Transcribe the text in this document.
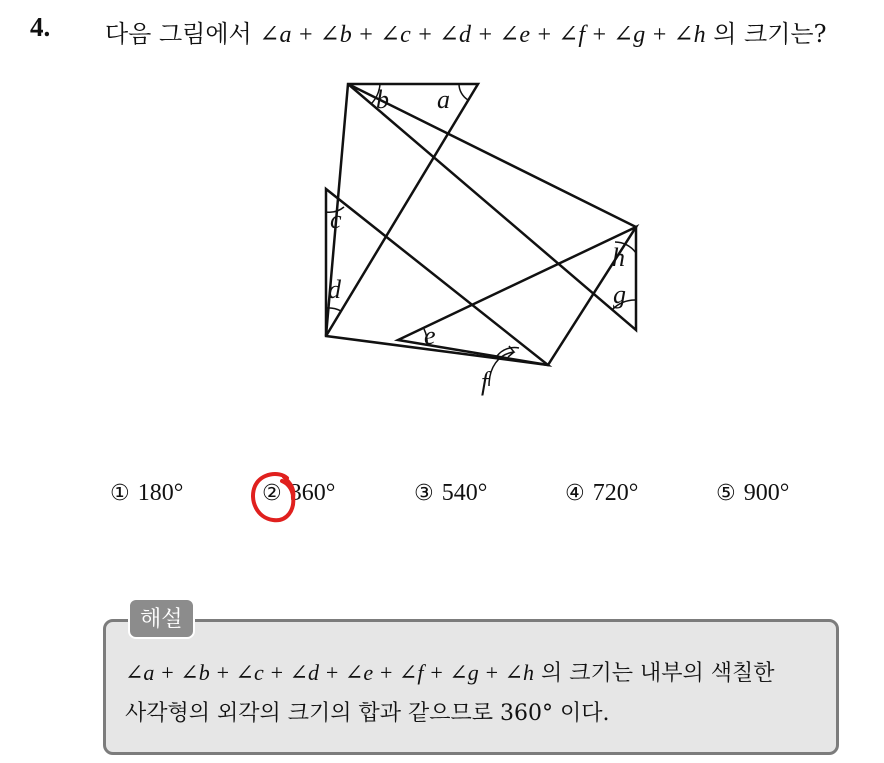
4. 다음 그림에서 ∠a + ∠b + ∠c + ∠d + ∠e + ∠f + ∠g + ∠h 의 크기는?
b a
c
d
e
f
g
h
① 180°	② 360°	③ 540°	④ 720°	⑤ 900°
해설
∠a + ∠b + ∠c + ∠d + ∠e + ∠f + ∠g + ∠h 의 크기는 내부의 색칠한
사각형의 외각의 크기의 합과 같으므로 360° 이다.
